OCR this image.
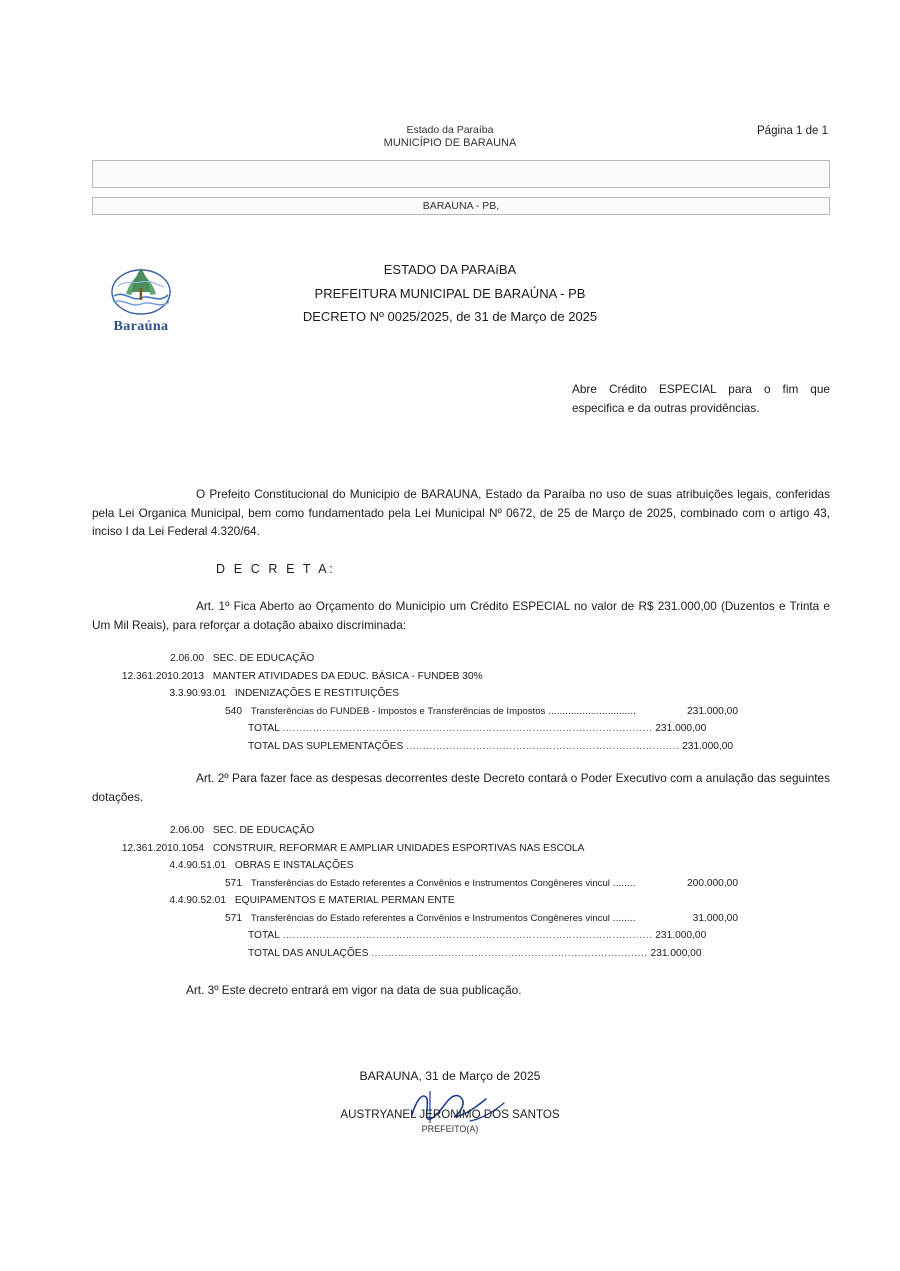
Estado da Paraíba
MUNICÍPIO DE BARAUNA
Página 1 de 1
BARAUNA - PB,
Baraúna
ESTADO DA PARAíBA
PREFEITURA MUNICIPAL DE BARAÚNA - PB
DECRETO Nº 0025/2025, de 31 de Março de 2025
Abre Crédito ESPECIAL para o fim que especifica e da outras providências.
O Prefeito Constitucional do Municipio de BARAUNA, Estado da Paraíba no uso de suas atribuições legais, conferidas pela Lei Organica Municipal, bem como fundamentado pela Lei Municipal Nº 0672, de 25 de Março de 2025, combinado com o artigo 43, inciso I da Lei Federal 4.320/64.
D E C R E T A:
Art. 1º Fica Aberto ao Orçamento do Municipio um Crédito ESPECIAL no valor de R$ 231.000,00 (Duzentos e Trinta e Um Mil Reais), para reforçar a dotação abaixo discriminada:
2.06.00 SEC. DE EDUCAÇÃO
12.361.2010.2013 MANTER ATIVIDADES DA EDUC. BÁSICA - FUNDEB 30%
3.3.90.93.01 INDENIZAÇÕES E RESTITUIÇÕES
540 Transferências do FUNDEB - Impostos e Transferências de Impostos ...............................	231.000,00
TOTAL ............................................................................................................... 231.000,00
TOTAL DAS SUPLEMENTAÇÕES .................................................................................. 231.000,00
Art. 2º Para fazer face as despesas decorrentes deste Decreto contará o Poder Executivo com a anulação das seguintes dotações.
2.06.00 SEC. DE EDUCAÇÃO
12.361.2010.1054 CONSTRUIR, REFORMAR E AMPLIAR UNIDADES ESPORTIVAS NAS ESCOLA
4.4.90.51.01 OBRAS E INSTALAÇÕES
571 Transferências do Estado referentes a Convênios e Instrumentos Congêneres vincul ........	200.000,00
4.4.90.52.01 EQUIPAMENTOS E MATERIAL PERMAN ENTE
571 Transferências do Estado referentes a Convênios e Instrumentos Congêneres vincul ........	31.000,00
TOTAL ............................................................................................................... 231.000,00
TOTAL DAS ANULAÇÕES ................................................................................... 231.000,00
Art. 3º Este decreto entrará em vigor na data de sua publicação.
BARAUNA, 31 de Março de 2025
AUSTRYANEL JERONIMO DOS SANTOS
PREFEITO(A)
